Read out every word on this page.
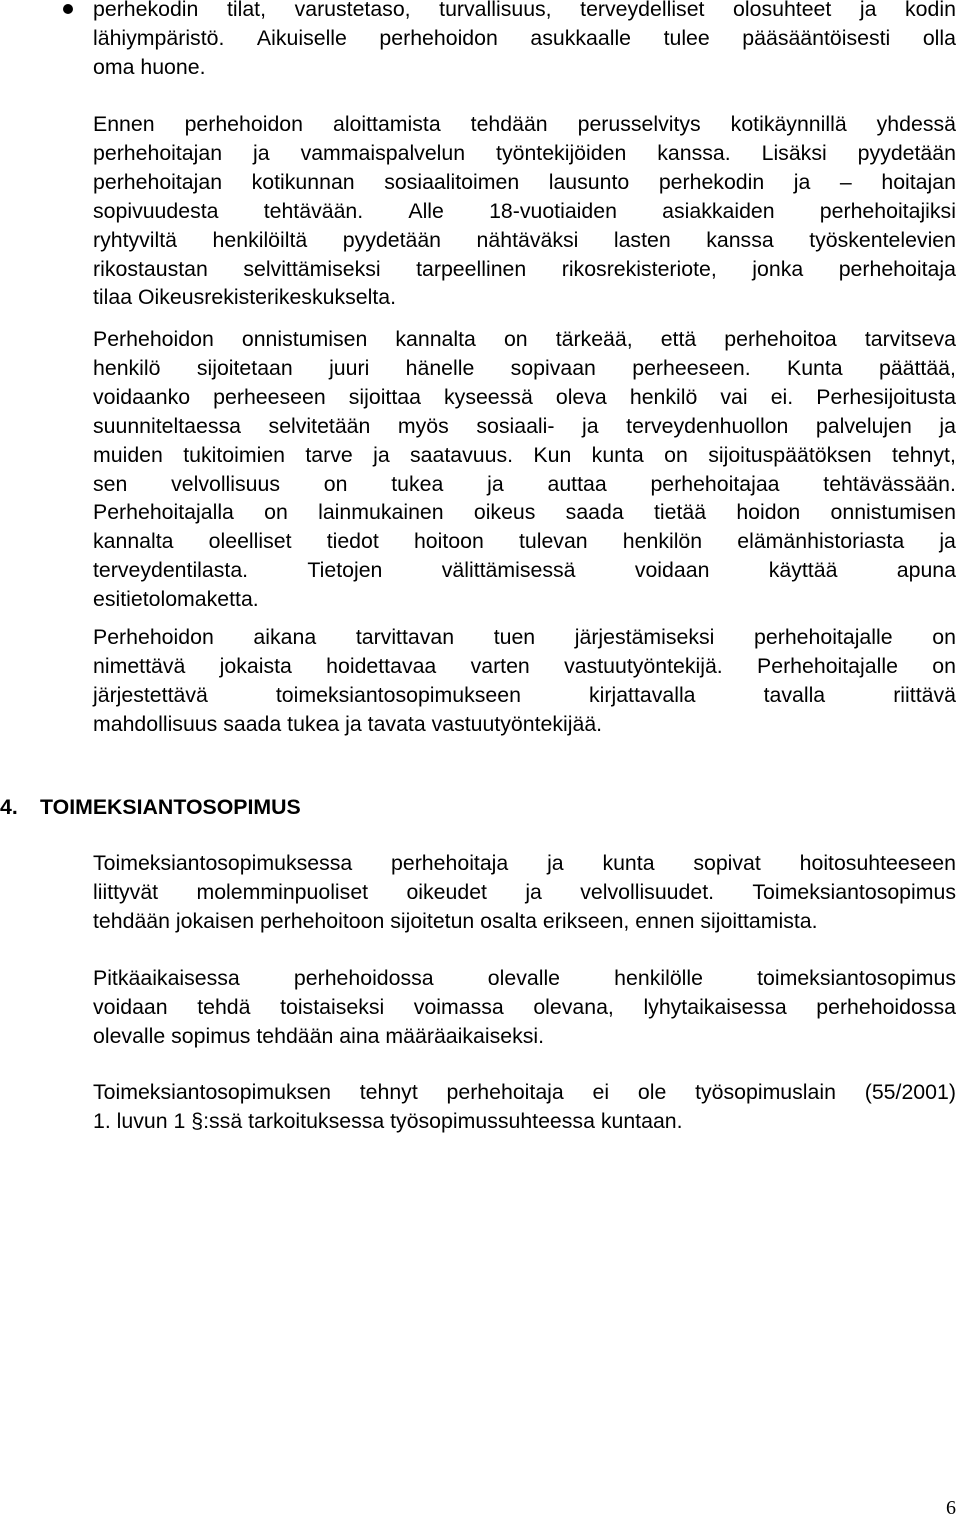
perhekodin tilat, varustetaso, turvallisuus, terveydelliset olosuhteet ja kodin
lähiympäristö. Aikuiselle perhehoidon asukkaalle tulee pääsääntöisesti olla
oma huone.
Ennen perhehoidon aloittamista tehdään perusselvitys kotikäynnillä yhdessä
perhehoitajan ja vammaispalvelun työntekijöiden kanssa. Lisäksi pyydetään
perhehoitajan kotikunnan sosiaalitoimen lausunto perhekodin ja – hoitajan
sopivuudesta tehtävään. Alle 18-vuotiaiden asiakkaiden perhehoitajiksi
ryhtyviltä henkilöiltä pyydetään nähtäväksi lasten kanssa työskentelevien
rikostaustan selvittämiseksi tarpeellinen rikosrekisteriote, jonka perhehoitaja
tilaa Oikeusrekisterikeskukselta.
Perhehoidon onnistumisen kannalta on tärkeää, että perhehoitoa tarvitseva
henkilö sijoitetaan juuri hänelle sopivaan perheeseen. Kunta päättää,
voidaanko perheeseen sijoittaa kyseessä oleva henkilö vai ei. Perhesijoitusta
suunniteltaessa selvitetään myös sosiaali- ja terveydenhuollon palvelujen ja
muiden tukitoimien tarve ja saatavuus. Kun kunta on sijoituspäätöksen tehnyt,
sen velvollisuus on tukea ja auttaa perhehoitajaa tehtävässään.
Perhehoitajalla on lainmukainen oikeus saada tietää hoidon onnistumisen
kannalta oleelliset tiedot hoitoon tulevan henkilön elämänhistoriasta ja
terveydentilasta.	Tietojen	välittämisessä	voidaan	käyttää	apuna
esitietolomaketta.
Perhehoidon aikana tarvittavan tuen järjestämiseksi perhehoitajalle on
nimettävä jokaista hoidettavaa varten vastuutyöntekijä. Perhehoitajalle on
järjestettävä	toimeksiantosopimukseen	kirjattavalla	tavalla	riittävä
mahdollisuus saada tukea ja tavata vastuutyöntekijää.
4. TOIMEKSIANTOSOPIMUS
Toimeksiantosopimuksessa perhehoitaja ja kunta sopivat hoitosuhteeseen
liittyvät molemminpuoliset oikeudet ja velvollisuudet. Toimeksiantosopimus
tehdään jokaisen perhehoitoon sijoitetun osalta erikseen, ennen sijoittamista.
Pitkäaikaisessa	perhehoidossa	olevalle	henkilölle	toimeksiantosopimus
voidaan tehdä toistaiseksi voimassa olevana, lyhytaikaisessa perhehoidossa
olevalle sopimus tehdään aina määräaikaiseksi.
Toimeksiantosopimuksen tehnyt perhehoitaja ei ole työsopimuslain (55/2001)
1. luvun 1 §:ssä tarkoituksessa työsopimussuhteessa kuntaan.
6
